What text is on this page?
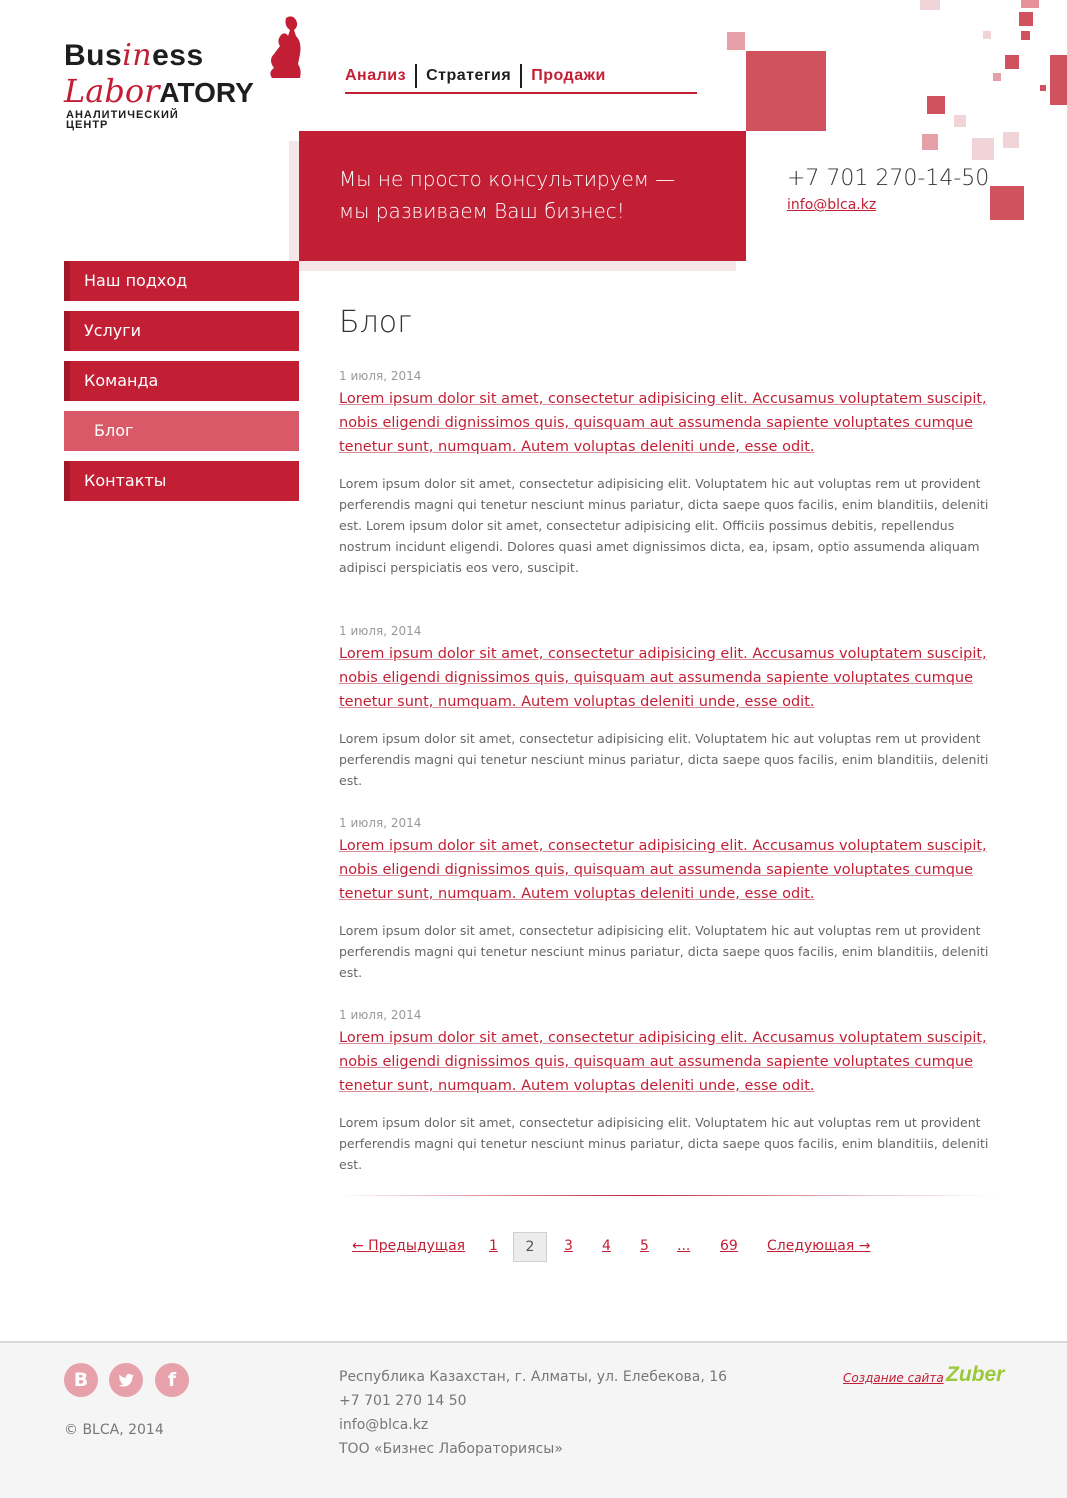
Business
LaborATORY
АНАЛИТИЧЕСКИЙ
ЦЕНТР
Анализ Стратегия Продажи
Мы не просто консультируем —
мы развиваем Ваш бизнес!
+7 701 270-14-50
info@blca.kz
Наш подход
Услуги
Команда
Блог
Контакты
Блог
1 июля, 2014
Lorem ipsum dolor sit amet, consectetur adipisicing elit. Accusamus voluptatem suscipit, nobis eligendi dignissimos quis, quisquam aut assumenda sapiente voluptates cumque tenetur sunt, numquam. Autem voluptas deleniti unde, esse odit.
Lorem ipsum dolor sit amet, consectetur adipisicing elit. Voluptatem hic aut voluptas rem ut provident perferendis magni qui tenetur nesciunt minus pariatur, dicta saepe quos facilis, enim blanditiis, deleniti est. Lorem ipsum dolor sit amet, consectetur adipisicing elit. Officiis possimus debitis, repellendus nostrum incidunt eligendi. Dolores quasi amet dignissimos dicta, ea, ipsam, optio assumenda aliquam adipisci perspiciatis eos vero, suscipit.
1 июля, 2014
Lorem ipsum dolor sit amet, consectetur adipisicing elit. Accusamus voluptatem suscipit, nobis eligendi dignissimos quis, quisquam aut assumenda sapiente voluptates cumque tenetur sunt, numquam. Autem voluptas deleniti unde, esse odit.
Lorem ipsum dolor sit amet, consectetur adipisicing elit. Voluptatem hic aut voluptas rem ut provident perferendis magni qui tenetur nesciunt minus pariatur, dicta saepe quos facilis, enim blanditiis, deleniti est.
1 июля, 2014
Lorem ipsum dolor sit amet, consectetur adipisicing elit. Accusamus voluptatem suscipit, nobis eligendi dignissimos quis, quisquam aut assumenda sapiente voluptates cumque tenetur sunt, numquam. Autem voluptas deleniti unde, esse odit.
Lorem ipsum dolor sit amet, consectetur adipisicing elit. Voluptatem hic aut voluptas rem ut provident perferendis magni qui tenetur nesciunt minus pariatur, dicta saepe quos facilis, enim blanditiis, deleniti est.
1 июля, 2014
Lorem ipsum dolor sit amet, consectetur adipisicing elit. Accusamus voluptatem suscipit, nobis eligendi dignissimos quis, quisquam aut assumenda sapiente voluptates cumque tenetur sunt, numquam. Autem voluptas deleniti unde, esse odit.
Lorem ipsum dolor sit amet, consectetur adipisicing elit. Voluptatem hic aut voluptas rem ut provident perferendis magni qui tenetur nesciunt minus pariatur, dicta saepe quos facilis, enim blanditiis, deleniti est.
← Предыдущая 1	2	3 4 5 ... 69 Следующая →
B	f
© BLCA, 2014
Республика Казахстан, г. Алматы, ул. Елебекова, 16
+7 701 270 14 50
info@blca.kz
ТОО «Бизнес Лабораториясы»
Создание сайта Zuber
